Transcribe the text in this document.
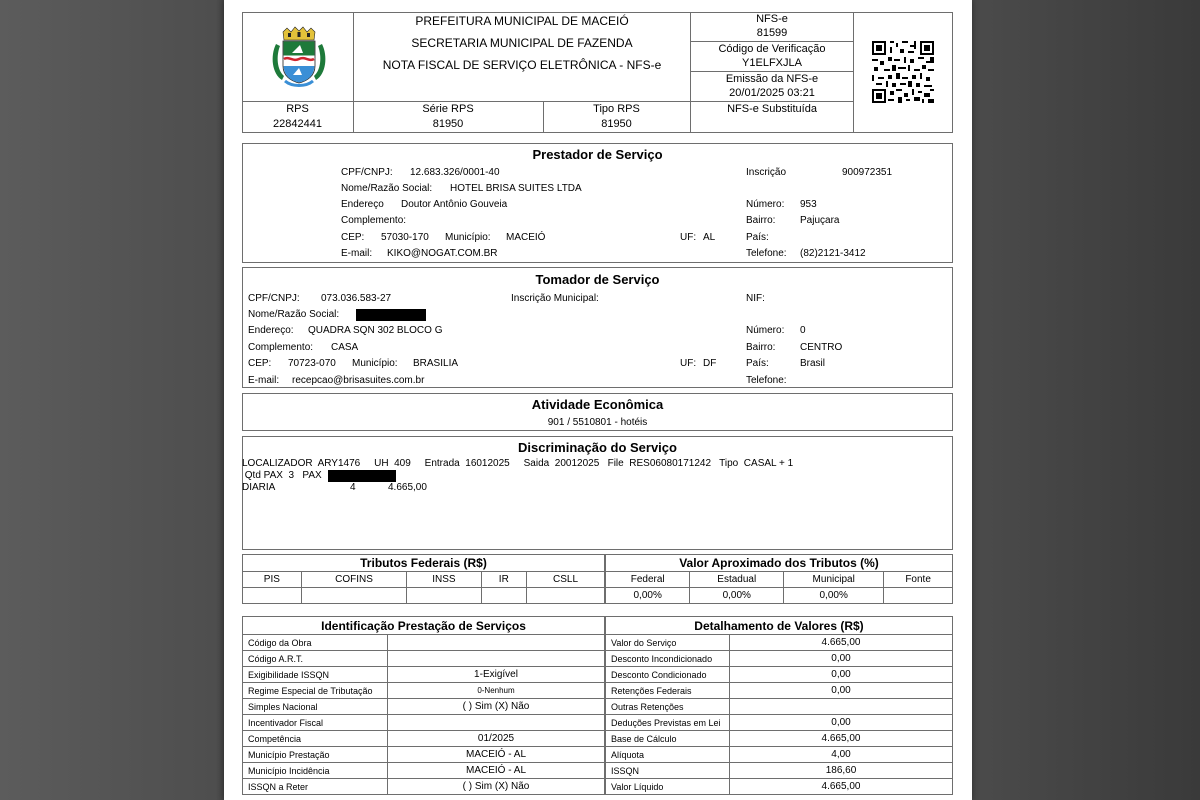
PREFEITURA MUNICIPAL DE MACEIÓ
SECRETARIA MUNICIPAL DE FAZENDA
NOTA FISCAL DE SERVIÇO ELETRÔNICA - NFS-e
NFS-e
81599
Código de Verificação
Y1ELFXJLA
Emissão da NFS-e
20/01/2025 03:21
NFS-e Substituída
RPS
22842441
Série RPS
81950
Tipo RPS
81950
Prestador de Serviço
CPF/CNPJ: 12.683.326/0001-40	Inscrição	900972351
Nome/Razão Social: HOTEL BRISA SUITES LTDA
Endereço Doutor Antônio Gouveia	Número: 953
Complemento:	Bairro: Pajuçara
CEP: 57030-170 Município: MACEIÓ	UF: AL	País:
E-mail: KIKO@NOGAT.COM.BR	Telefone: (82)2121-3412
Tomador de Serviço
CPF/CNPJ: 073.036.583-27	Inscrição Municipal:	NIF:
Nome/Razão Social:
Endereço: QUADRA SQN 302 BLOCO G	Número: 0
Complemento: CASA	Bairro: CENTRO
CEP: 70723-070 Município: BRASILIA	UF: DF	País:	Brasil
E-mail: recepcao@brisasuites.com.br	Telefone:
Atividade Econômica
901 / 5510801 - hotéis
Discriminação do Serviço
LOCALIZADOR  ARY1476     UH  409     Entrada  16012025     Saida  20012025   File  RES06080171242   Tipo  CASAL + 1
Qtd PAX  3   PAX
DIARIA	4	4.665,00
Tributos Federais (R$)				
PIS	COFINS	INSS	IR	CSLL

Valor Aproximado dos Tributos (%)			
Federal	Estadual	Municipal	Fonte
0,00%	0,00%	0,00%	
Identificação Prestação de Serviços	
Código da Obra	
Código A.R.T.	
Exigibilidade ISSQN	1-Exigível
Regime Especial de Tributação	0-Nenhum
Simples Nacional	( ) Sim (X) Não
Incentivador Fiscal	
Competência	01/2025
Município Prestação	MACEIÓ - AL
Município Incidência	MACEIÓ - AL
ISSQN a Reter	( ) Sim (X) Não
Detalhamento de Valores (R$)	
Valor do Serviço	4.665,00
Desconto Incondicionado	0,00
Desconto Condicionado	0,00
Retenções Federais	0,00
Outras Retenções	
Deduções Previstas em Lei	0,00
Base de Cálculo	4.665,00
Alíquota	4,00
ISSQN	186,60
Valor Líquido	4.665,00
